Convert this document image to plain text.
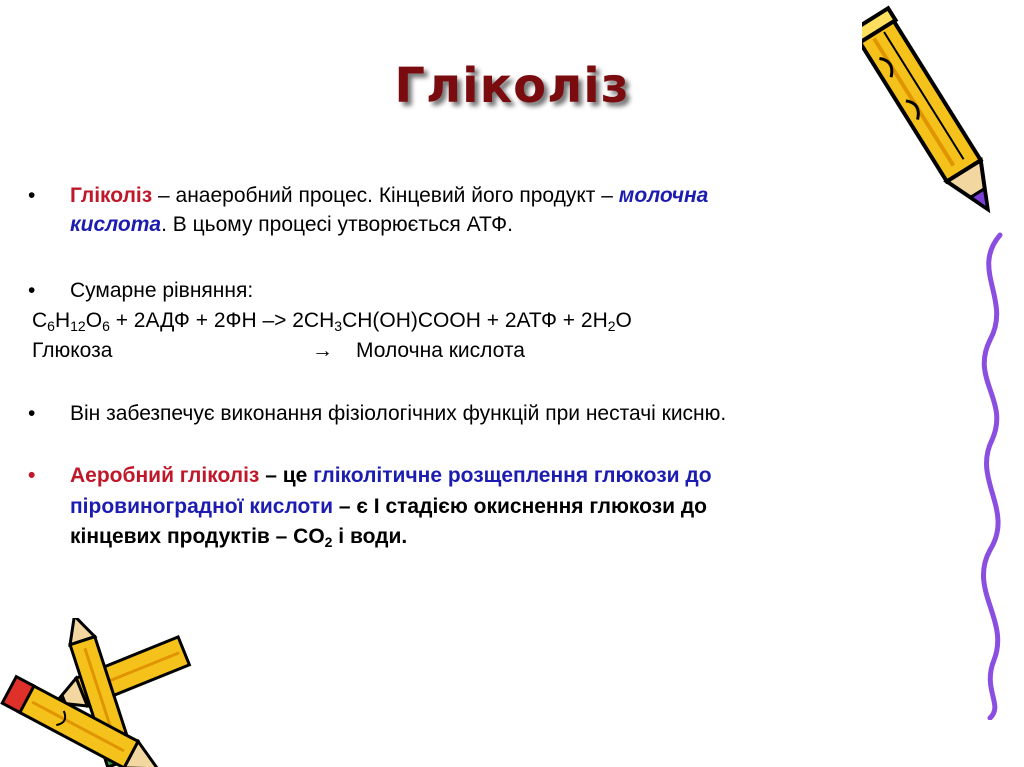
Гліколіз
• Гліколіз – анаеробний процес. Кінцевий його продукт – молочна
кислота. В цьому процесі утворюється АТФ.
• Сумарне рівняння:
$C_6H_{12}O_6 + 2АДФ + 2ФН$ –> $2CH_3CH(OH)COOH + 2АТФ + 2H_2O$
Глюкоза	→ Молочна кислота
• Він забезпечує виконання фізіологічних функцій при нестачі кисню.
• Аеробний гліколіз – це гліколітичне розщеплення глюкози до
піровиноградної кислоти – є І стадією окиснення глюкози до
кінцевих продуктів – $CO_2$ і води.
